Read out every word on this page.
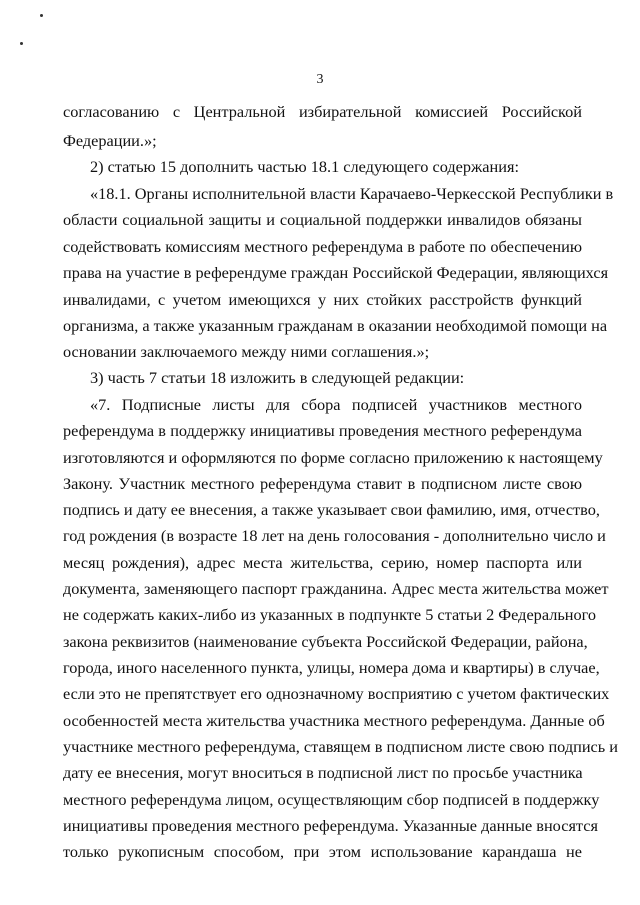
3
согласованию с Центральной избирательной комиссией Российской
Федерации.»;
2) статью 15 дополнить частью 18.1 следующего содержания:
«18.1. Органы исполнительной власти Карачаево-Черкесской Республики в
области социальной защиты и социальной поддержки инвалидов обязаны
содействовать комиссиям местного референдума в работе по обеспечению
права на участие в референдуме граждан Российской Федерации, являющихся
инвалидами, с учетом имеющихся у них стойких расстройств функций
организма, а также указанным гражданам в оказании необходимой помощи на
основании заключаемого между ними соглашения.»;
3) часть 7 статьи 18 изложить в следующей редакции:
«7. Подписные листы для сбора подписей участников местного
референдума в поддержку инициативы проведения местного референдума
изготовляются и оформляются по форме согласно приложению к настоящему
Закону. Участник местного референдума ставит в подписном листе свою
подпись и дату ее внесения, а также указывает свои фамилию, имя, отчество,
год рождения (в возрасте 18 лет на день голосования - дополнительно число и
месяц рождения), адрес места жительства, серию, номер паспорта или
документа, заменяющего паспорт гражданина. Адрес места жительства может
не содержать каких-либо из указанных в подпункте 5 статьи 2 Федерального
закона реквизитов (наименование субъекта Российской Федерации, района,
города, иного населенного пункта, улицы, номера дома и квартиры) в случае,
если это не препятствует его однозначному восприятию с учетом фактических
особенностей места жительства участника местного референдума. Данные об
участнике местного референдума, ставящем в подписном листе свою подпись и
дату ее внесения, могут вноситься в подписной лист по просьбе участника
местного референдума лицом, осуществляющим сбор подписей в поддержку
инициативы проведения местного референдума. Указанные данные вносятся
только рукописным способом, при этом использование карандаша не
